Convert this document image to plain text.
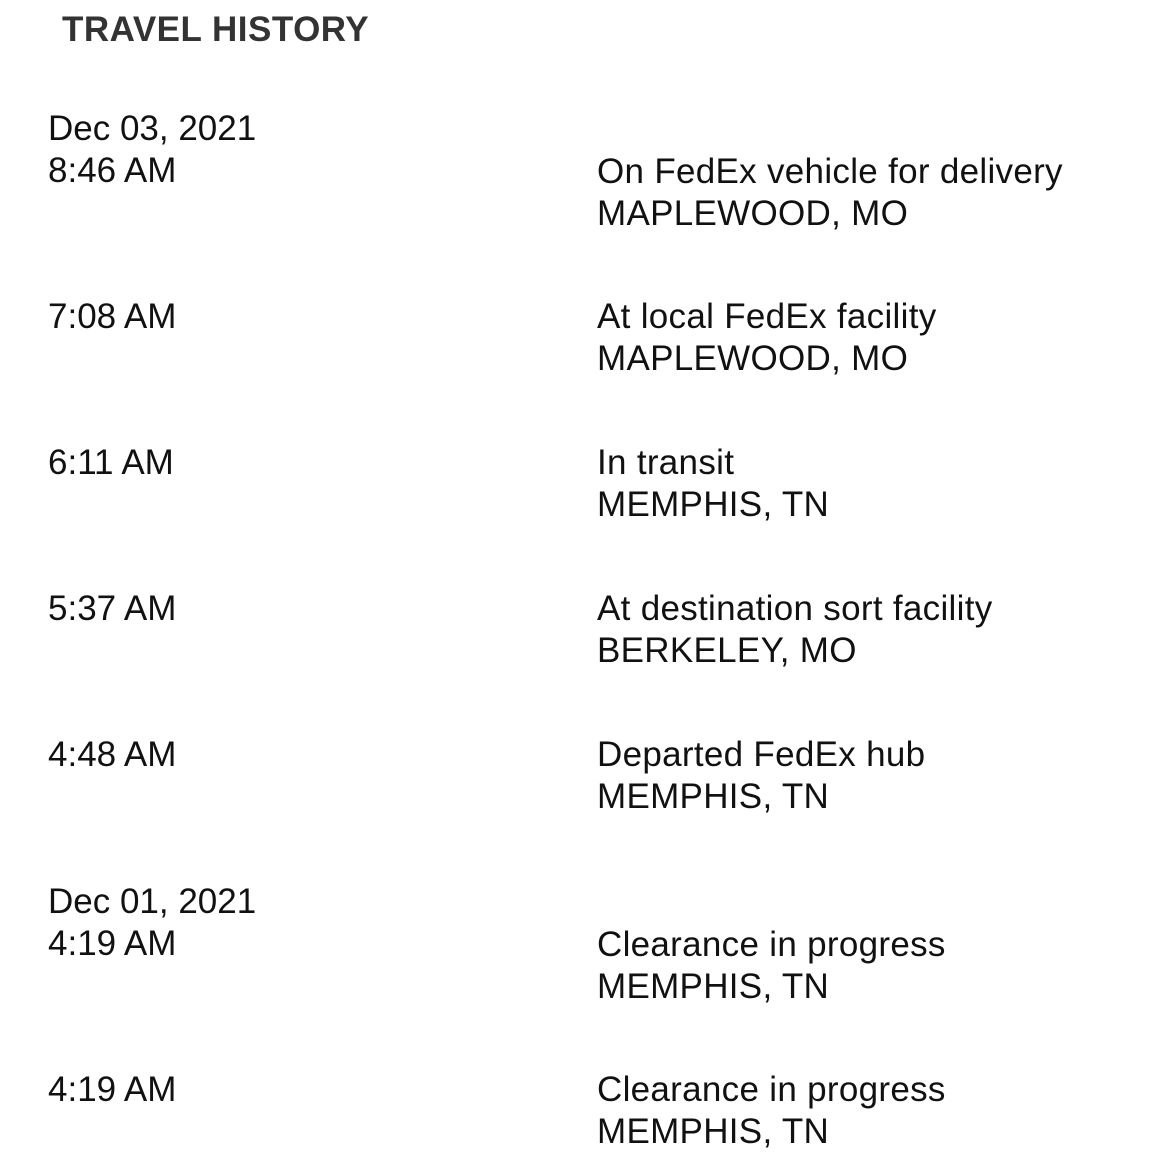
TRAVEL HISTORY
Dec 03, 2021
8:46 AM	On FedEx vehicle for delivery
MAPLEWOOD, MO
7:08 AM	At local FedEx facility
MAPLEWOOD, MO
6:11 AM	In transit
MEMPHIS, TN
5:37 AM	At destination sort facility
BERKELEY, MO
4:48 AM	Departed FedEx hub
MEMPHIS, TN
Dec 01, 2021
4:19 AM	Clearance in progress
MEMPHIS, TN
4:19 AM	Clearance in progress
MEMPHIS, TN
